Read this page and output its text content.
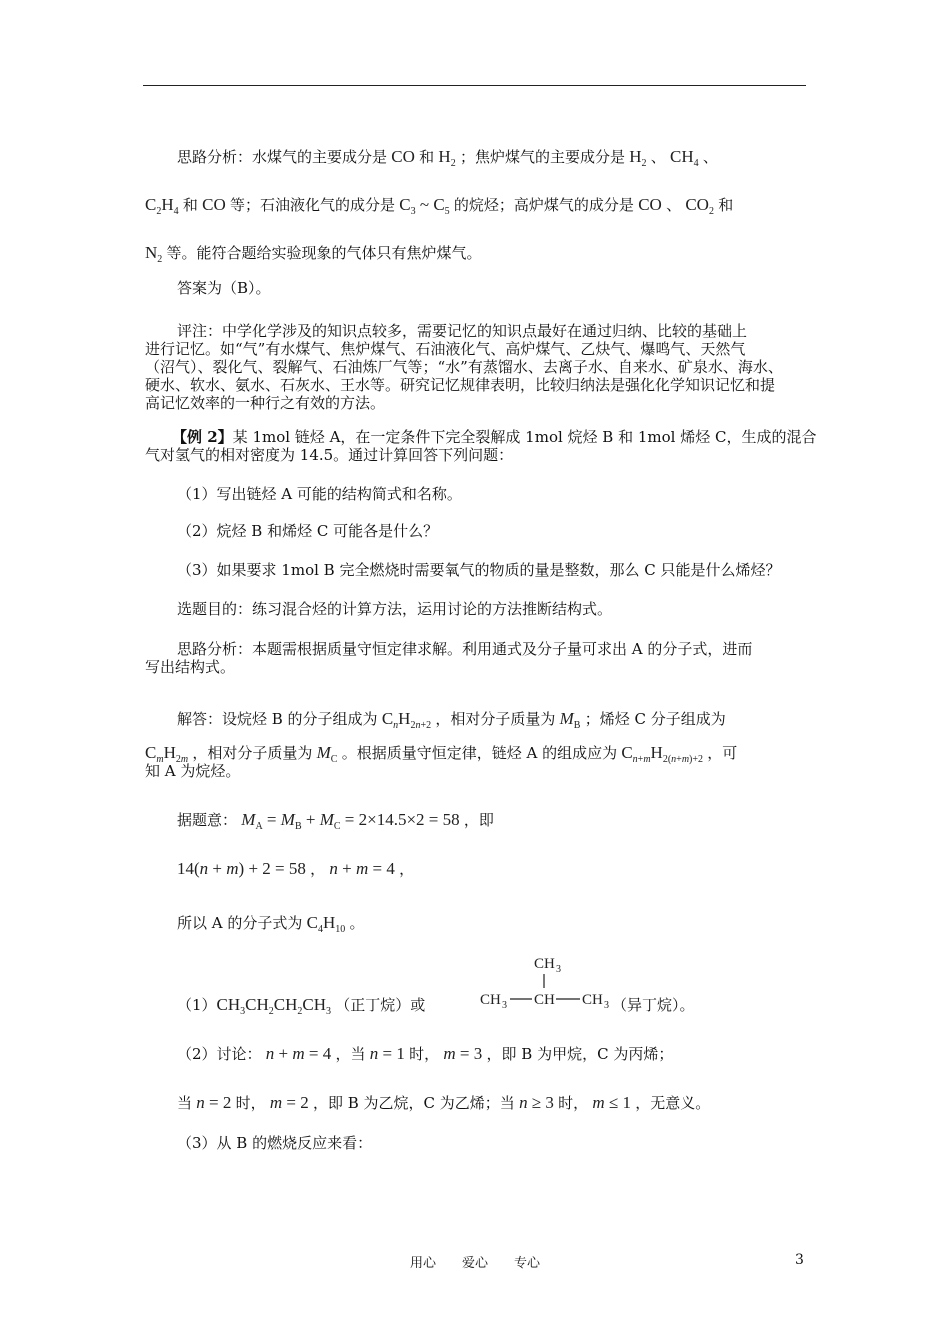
思路分析：水煤气的主要成分是 CO 和 $H_2$ ；焦炉煤气的主要成分是 $H_2$ 、 $CH_4$ 、
$C_2H_4$ 和 CO 等；石油液化气的成分是 $C_3$ ~ $C_5$ 的烷烃；高炉煤气的成分是 CO 、 $CO_2$ 和
$N_2$ 等。能符合题给实验现象的气体只有焦炉煤气。
答案为（B）。
评注：中学化学涉及的知识点较多，需要记忆的知识点最好在通过归纳、比较的基础上
进行记忆。如“气”有水煤气、焦炉煤气、石油液化气、高炉煤气、乙炔气、爆鸣气、天然气
（沼气）、裂化气、裂解气、石油炼厂气等；“水”有蒸馏水、去离子水、自来水、矿泉水、海水、
硬水、软水、氨水、石灰水、王水等。研究记忆规律表明，比较归纳法是强化化学知识记忆和提
高记忆效率的一种行之有效的方法。
【例 2】某 1mol 链烃 A，在一定条件下完全裂解成 1mol 烷烃 B 和 1mol 烯烃 C，生成的混合
气对氢气的相对密度为 14.5。通过计算回答下列问题：
（1）写出链烃 A 可能的结构简式和名称。
（2）烷烃 B 和烯烃 C 可能各是什么？
（3）如果要求 1mol B 完全燃烧时需要氧气的物质的量是整数，那么 C 只能是什么烯烃？
选题目的：练习混合烃的计算方法，运用讨论的方法推断结构式。
思路分析：本题需根据质量守恒定律求解。利用通式及分子量可求出 A 的分子式，进而
写出结构式。
解答：设烷烃 B 的分子组成为 $C_nH_{2n+2}$ ，相对分子质量为 $M_B$ ；烯烃 C 分子组成为
$C_mH_{2m}$ ，相对分子质量为 $M_C$ 。根据质量守恒定律，链烃 A 的组成应为 $C_{n+m}H_{2(n+m)+2}$ ，可
知 A 为烷烃。
据题意： $M_A = M_B + M_C = 2\times 14.5\times 2 = 58$ ，即
14(n + m) + 2 = 58 ， n + m = 4 ，
所以 A 的分子式为 $C_4H_{10}$ 。
$(1)CH_3CH_2CH_2CH_3$ （正丁烷）或
CH 3
CH 3 CH CH 3 （异丁烷）。
（2）讨论： n + m = 4 ，当 n = 1 时， m = 3 ，即 B 为甲烷，C 为丙烯；
当 n = 2 时， m = 2 ，即 B 为乙烷，C 为乙烯；当 n ≥ 3 时， m ≤ 1 ，无意义。
（3）从 B 的燃烧反应来看：
用心　　爱心　　专心	3
